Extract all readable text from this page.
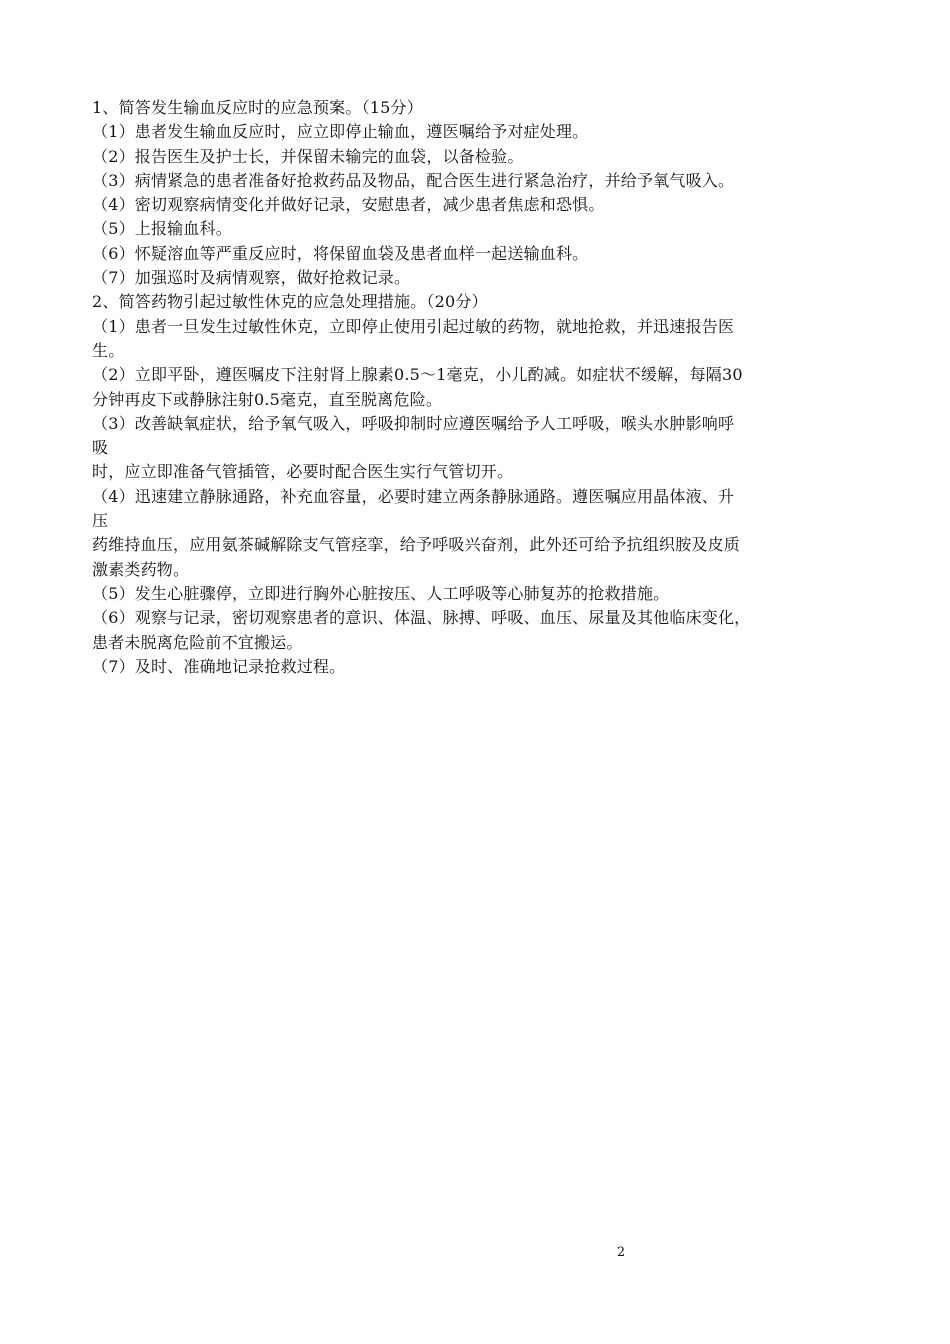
1、简答发生输血反应时的应急预案。（15分）
（1）患者发生输血反应时，应立即停止输血，遵医嘱给予对症处理。
（2）报告医生及护士长，并保留未输完的血袋，以备检验。
（3）病情紧急的患者准备好抢救药品及物品，配合医生进行紧急治疗，并给予氧气吸入。
（4）密切观察病情变化并做好记录，安慰患者，减少患者焦虑和恐惧。
（5）上报输血科。
（6）怀疑溶血等严重反应时，将保留血袋及患者血样一起送输血科。
（7）加强巡时及病情观察，做好抢救记录。
2、简答药物引起过敏性休克的应急处理措施。（20分）
（1）患者一旦发生过敏性休克，立即停止使用引起过敏的药物，就地抢救，并迅速报告医
生。
（2）立即平卧，遵医嘱皮下注射肾上腺素0.5～1毫克，小儿酌减。如症状不缓解，每隔30
分钟再皮下或静脉注射0.5毫克，直至脱离危险。
（3）改善缺氧症状，给予氧气吸入，呼吸抑制时应遵医嘱给予人工呼吸，喉头水肿影响呼
吸
时，应立即准备气管插管，必要时配合医生实行气管切开。
（4）迅速建立静脉通路，补充血容量，必要时建立两条静脉通路。遵医嘱应用晶体液、升
压
药维持血压，应用氨茶碱解除支气管痉挛，给予呼吸兴奋剂，此外还可给予抗组织胺及皮质
激素类药物。
（5）发生心脏骤停，立即进行胸外心脏按压、人工呼吸等心肺复苏的抢救措施。
（6）观察与记录，密切观察患者的意识、体温、脉搏、呼吸、血压、尿量及其他临床变化，
患者未脱离危险前不宜搬运。
（7）及时、准确地记录抢救过程。
2
